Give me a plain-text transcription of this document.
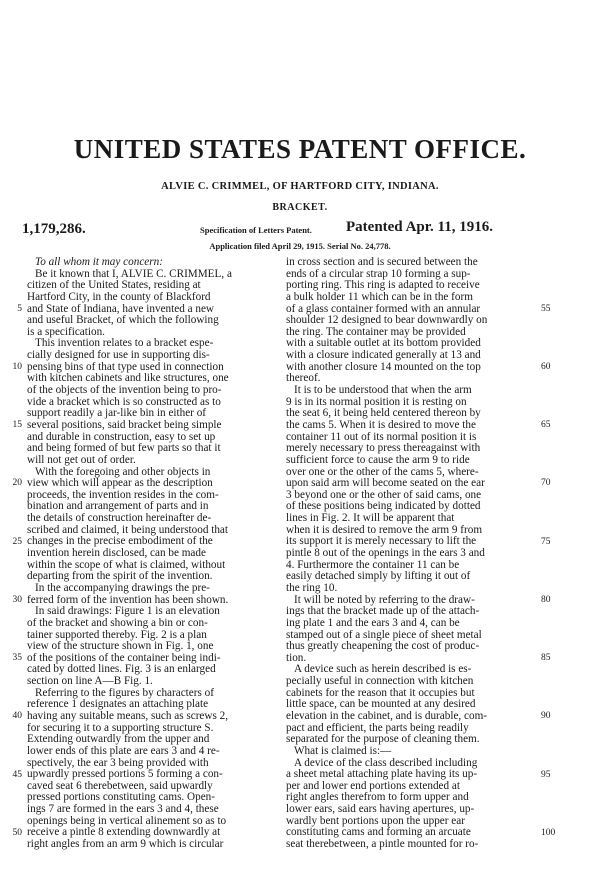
UNITED STATES PATENT OFFICE.
ALVIE C. CRIMMEL, OF HARTFORD CITY, INDIANA.
BRACKET.
1,179,286.	Specification of Letters Patent. Patented Apr. 11, 1916.
Application filed April 29, 1915. Serial No. 24,778.
To all whom it may concern:
Be it known that I, ALVIE C. CRIMMEL, a
citizen of the United States, residing at
Hartford City, in the county of Blackford
and State of Indiana, have invented a new
and useful Bracket, of which the following
is a specification.
This invention relates to a bracket espe-
cially designed for use in supporting dis-
pensing bins of that type used in connection
with kitchen cabinets and like structures, one
of the objects of the invention being to pro-
vide a bracket which is so constructed as to
support readily a jar-like bin in either of
several positions, said bracket being simple
and durable in construction, easy to set up
and being formed of but few parts so that it
will not get out of order.
With the foregoing and other objects in
view which will appear as the description
proceeds, the invention resides in the com-
bination and arrangement of parts and in
the details of construction hereinafter de-
scribed and claimed, it being understood that
changes in the precise embodiment of the
invention herein disclosed, can be made
within the scope of what is claimed, without
departing from the spirit of the invention.
In the accompanying drawings the pre-
ferred form of the invention has been shown.
In said drawings: Figure 1 is an elevation
of the bracket and showing a bin or con-
tainer supported thereby. Fig. 2 is a plan
view of the structure shown in Fig. 1, one
of the positions of the container being indi-
cated by dotted lines. Fig. 3 is an enlarged
section on line A—B Fig. 1.
Referring to the figures by characters of
reference 1 designates an attaching plate
having any suitable means, such as screws 2,
for securing it to a supporting structure S.
Extending outwardly from the upper and
lower ends of this plate are ears 3 and 4 re-
spectively, the ear 3 being provided with
upwardly pressed portions 5 forming a con-
caved seat 6 therebetween, said upwardly
pressed portions constituting cams. Open-
ings 7 are formed in the ears 3 and 4, these
openings being in vertical alinement so as to
receive a pintle 8 extending downwardly at
right angles from an arm 9 which is circular
in cross section and is secured between the
ends of a circular strap 10 forming a sup-
porting ring. This ring is adapted to receive
a bulk holder 11 which can be in the form
of a glass container formed with an annular
shoulder 12 designed to bear downwardly on
the ring. The container may be provided
with a suitable outlet at its bottom provided
with a closure indicated generally at 13 and
with another closure 14 mounted on the top
thereof.
It is to be understood that when the arm
9 is in its normal position it is resting on
the seat 6, it being held centered thereon by
the cams 5. When it is desired to move the
container 11 out of its normal position it is
merely necessary to press thereagainst with
sufficient force to cause the arm 9 to ride
over one or the other of the cams 5, where-
upon said arm will become seated on the ear
3 beyond one or the other of said cams, one
of these positions being indicated by dotted
lines in Fig. 2. It will be apparent that
when it is desired to remove the arm 9 from
its support it is merely necessary to lift the
pintle 8 out of the openings in the ears 3 and
4. Furthermore the container 11 can be
easily detached simply by lifting it out of
the ring 10.
It will be noted by referring to the draw-
ings that the bracket made up of the attach-
ing plate 1 and the ears 3 and 4, can be
stamped out of a single piece of sheet metal
thus greatly cheapening the cost of produc-
tion.
A device such as herein described is es-
pecially useful in connection with kitchen
cabinets for the reason that it occupies but
little space, can be mounted at any desired
elevation in the cabinet, and is durable, com-
pact and efficient, the parts being readily
separated for the purpose of cleaning them.
What is claimed is:—
A device of the class described including
a sheet metal attaching plate having its up-
per and lower end portions extended at
right angles therefrom to form upper and
lower ears, said ears having apertures, up-
wardly bent portions upon the upper ear
constituting cams and forming an arcuate
seat therebetween, a pintle mounted for ro-
5
10
15
20
25
30
35
40
45
50
55
60
65
70
75
80
85
90
95
100
